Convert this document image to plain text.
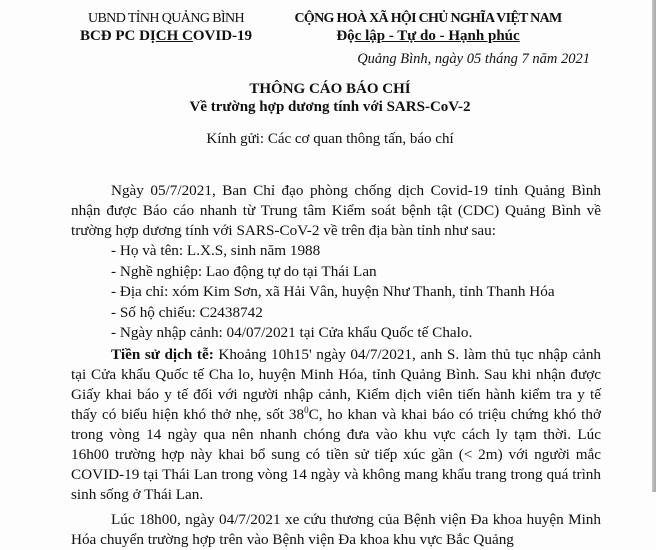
UBND TỈNH QUẢNG BÌNH
BCĐ PC DỊCH COVID-19
CỘNG HOÀ XÃ HỘI CHỦ NGHĨA VIỆT NAM
Độc lập - Tự do - Hạnh phúc
Quảng Bình, ngày 05 tháng 7 năm 2021
THÔNG CÁO BÁO CHÍ
Về trường hợp dương tính với SARS-CoV-2
Kính gửi: Các cơ quan thông tấn, báo chí

Ngày 05/7/2021, Ban Chỉ đạo phòng chống dịch Covid-19 tỉnh Quảng Bình nhận được Báo cáo nhanh từ Trung tâm Kiểm soát bệnh tật (CDC) Quảng Bình về trường hợp dương tính với SARS-CoV-2 về trên địa bàn tỉnh như sau:

- Họ và tên: L.X.S, sinh năm 1988
- Nghề nghiệp: Lao động tự do tại Thái Lan
- Địa chỉ: xóm Kim Sơn, xã Hải Vân, huyện Như Thanh, tỉnh Thanh Hóa
- Số hộ chiếu: C2438742
- Ngày nhập cảnh: 04/07/2021 tại Cửa khẩu Quốc tế Chalo.

Tiền sử dịch tễ: Khoảng 10h15' ngày 04/7/2021, anh S. làm thủ tục nhập cảnh tại Cửa khẩu Quốc tế Cha lo, huyện Minh Hóa, tỉnh Quảng Bình. Sau khi nhận được Giấy khai báo y tế đối với người nhập cảnh, Kiểm dịch viên tiến hành kiểm tra y tế thấy có biểu hiện khó thở nhẹ, sốt $38^0C$, ho khan và khai báo có triệu chứng khó thở trong vòng 14 ngày qua nên nhanh chóng đưa vào khu vực cách ly tạm thời. Lúc 16h00 trường hợp này khai bổ sung có tiền sử tiếp xúc gần (< 2m) với người mắc COVID-19 tại Thái Lan trong vòng 14 ngày và không mang khẩu trang trong quá trình sinh sống ở Thái Lan.

Lúc 18h00, ngày 04/7/2021 xe cứu thương của Bệnh viện Đa khoa huyện Minh Hóa chuyển trường hợp trên vào Bệnh viện Đa khoa khu vực Bắc Quảng
